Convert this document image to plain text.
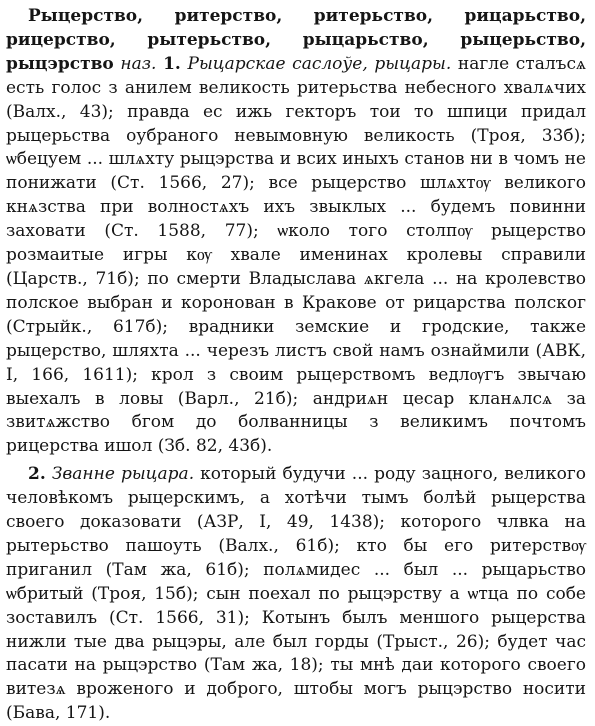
Рыцерство, ритерство, ритерьство, рицарьство, рицерство, рытерьство, рыцарьство, рыцерьство, рыцэрство наз. 1. Рыцарскае саслоўе, рыцары. нагле сталъсѧ есть голос з анилем великость ритерьства небесного хвалѧчих (Валх., 43); правда ес ижь гекторъ тои то шпици придал рыцерьства оубраного невымовную великость (Троя, 33б); ѡбецуем ... шлѧхту рыцэрства и всих иныхъ станов ни в чомъ не понижати (Ст. 1566, 27); все рыцерство шлѧхтѹ великого кнѧзства при волностѧхъ ихъ звыклых ... будемъ повинни заховати (Ст. 1588, 77); ѡколо того столпѹ рыцерство розмаитые игры кѹ хвале именинах кролевы справили (Царств., 71б); по смерти Владыслава ѧкгела ... на кролевство полское выбран и коронован в Кракове от рицарства полског (Стрыйк., 617б); врадники земские и гродские, также рыцерство, шляхта ... черезъ листъ свой намъ ознаймили (АВК, I, 166, 1611); крол з своим рыцерствомъ ведлѹгъ звычаю выехалъ в ловы (Варл., 21б); андриѧн цесар кланѧлсѧ за звитѧжство бгом до болванницы з великимъ почтомъ рицерства ишол (Зб. 82, 43б).

2. Званне рыцара. который будучи ... роду зацного, великого человѣкомъ рыцерскимъ, а хотѣчи тымъ болѣй рыцерства своего доказовати (АЗР, I, 49, 1438); которого члвка на рытерьство пашоуть (Валх., 61б); кто бы его ритерствѹ приганил (Там жа, 61б); полѧмидес ... был ... рыцарьство ѡбритый (Троя, 15б); сын поехал по рыцэрству а ѡтца по собе зоставилъ (Ст. 1566, 31); Котынъ былъ меншого рыцерства нижли тые два рыцэры, але был горды (Трыст., 26); будет час пасати на рыцэрство (Там жа, 18); ты мнѣ даи которого своего витезѧ вроженого и доброго, штобы могъ рыцэрство носити (Бава, 171).
